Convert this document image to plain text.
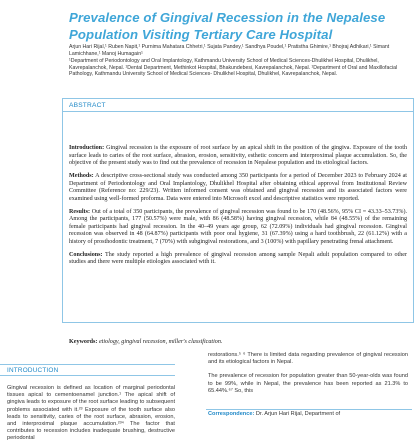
Prevalence of Gingival Recession in the Nepalese Population Visiting Tertiary Care Hospital
Arjun Hari Rijal,¹ Ruben Napit,¹ Purnima Mahatara Chhetri,¹ Sujata Pandey,¹ Sandhya Poudel,¹ Pratistha Ghimire,¹ Bhojraj Adhikari,¹ Simant Lamichhane,¹ Manoj Humagain¹
¹Department of Periodontology and Oral Implantology, Kathmandu University School of Medical Sciences-Dhulikhel Hospital, Dhulikhel, Kavrepalanchok, Nepal. ¹Dental Department, Methinkot Hospital, Bhakundebesi, Kavrepalanchok, Nepal. ¹Department of Oral and Maxillofacial Pathology, Kathmandu University School of Medical Sciences- Dhulikhel Hospital, Dhulikhel, Kavrepalanchok, Nepal.
ABSTRACT

Introduction: Gingival recession is the exposure of root surface by an apical shift in the position of the gingiva. Exposure of the tooth surface leads to caries of the root surface, abrasion, erosion, sensitivity, esthetic concern and interproximal plaque accumulation. So, the objective of the present study was to find out the prevalence of recession in Nepalese population and its etiological factors.

Methods: A descriptive cross-sectional study was conducted among 350 participants for a period of December 2023 to February 2024 at Department of Periodontology and Oral Implantology, Dhulikhel Hospital after obtaining ethical approval from Institutional Review Committee (Reference no: 229/23). Written informed consent was obtained and gingival recession and its associated factors were examined using well-formed proforma. Data were entered into Microsoft excel and descriptive statistics were reported.

Results: Out of a total of 350 participants, the prevalence of gingival recession was found to be 170 (48.56%, 95% CI = 43.33–53.73%). Among the participants, 177 (50.57%) were male, with 86 (48.58%) having gingival recession, while 84 (48.55%) of the remaining female participants had gingival recession. In the 40–49 years age group, 62 (72.09%) individuals had gingival recession. Gingival recession was observed in 48 (64.87%) participants with poor oral hygiene, 31 (67.39%) using a hard toothbrush, 22 (61.12%) with a history of prosthodontic treatment, 7 (70%) with subgingival restorations, and 3 (100%) with papillary penetrating frenal attachment.

Conclusions: The study reported a high prevalence of gingival recession among sample Nepali adult population compared to other studies and there were multiple etiologies associated with it.

Keywords: etiology, gingival recession, miller's classification.
INTRODUCTION
Gingival recession is defined as location of marginal periodontal tissues apical to cementoenamel junction.¹ The apical shift of gingiva leads to exposure of the root surface leading to subsequent problems associated with it.²³ Exposure of the tooth surface also leads to sensitivity, caries of the root surface, abrasion, erosion, and interproximal plaque accumulation.²³⁴ The factor that contributes to recession includes inadequate brushing, destructive periodontal

restorations.⁵ ⁶ There is limited data regarding prevalence of gingival recession and its etiological factors in Nepal.

The prevalence of recession for population greater than 50-year-olds was found to be 99%, while in Nepal, the prevalence has been reported as 21.3% to 65.44%.⁶⁷ So, this

Correspondence: Dr. Arjun Hari Rijal, Department of
